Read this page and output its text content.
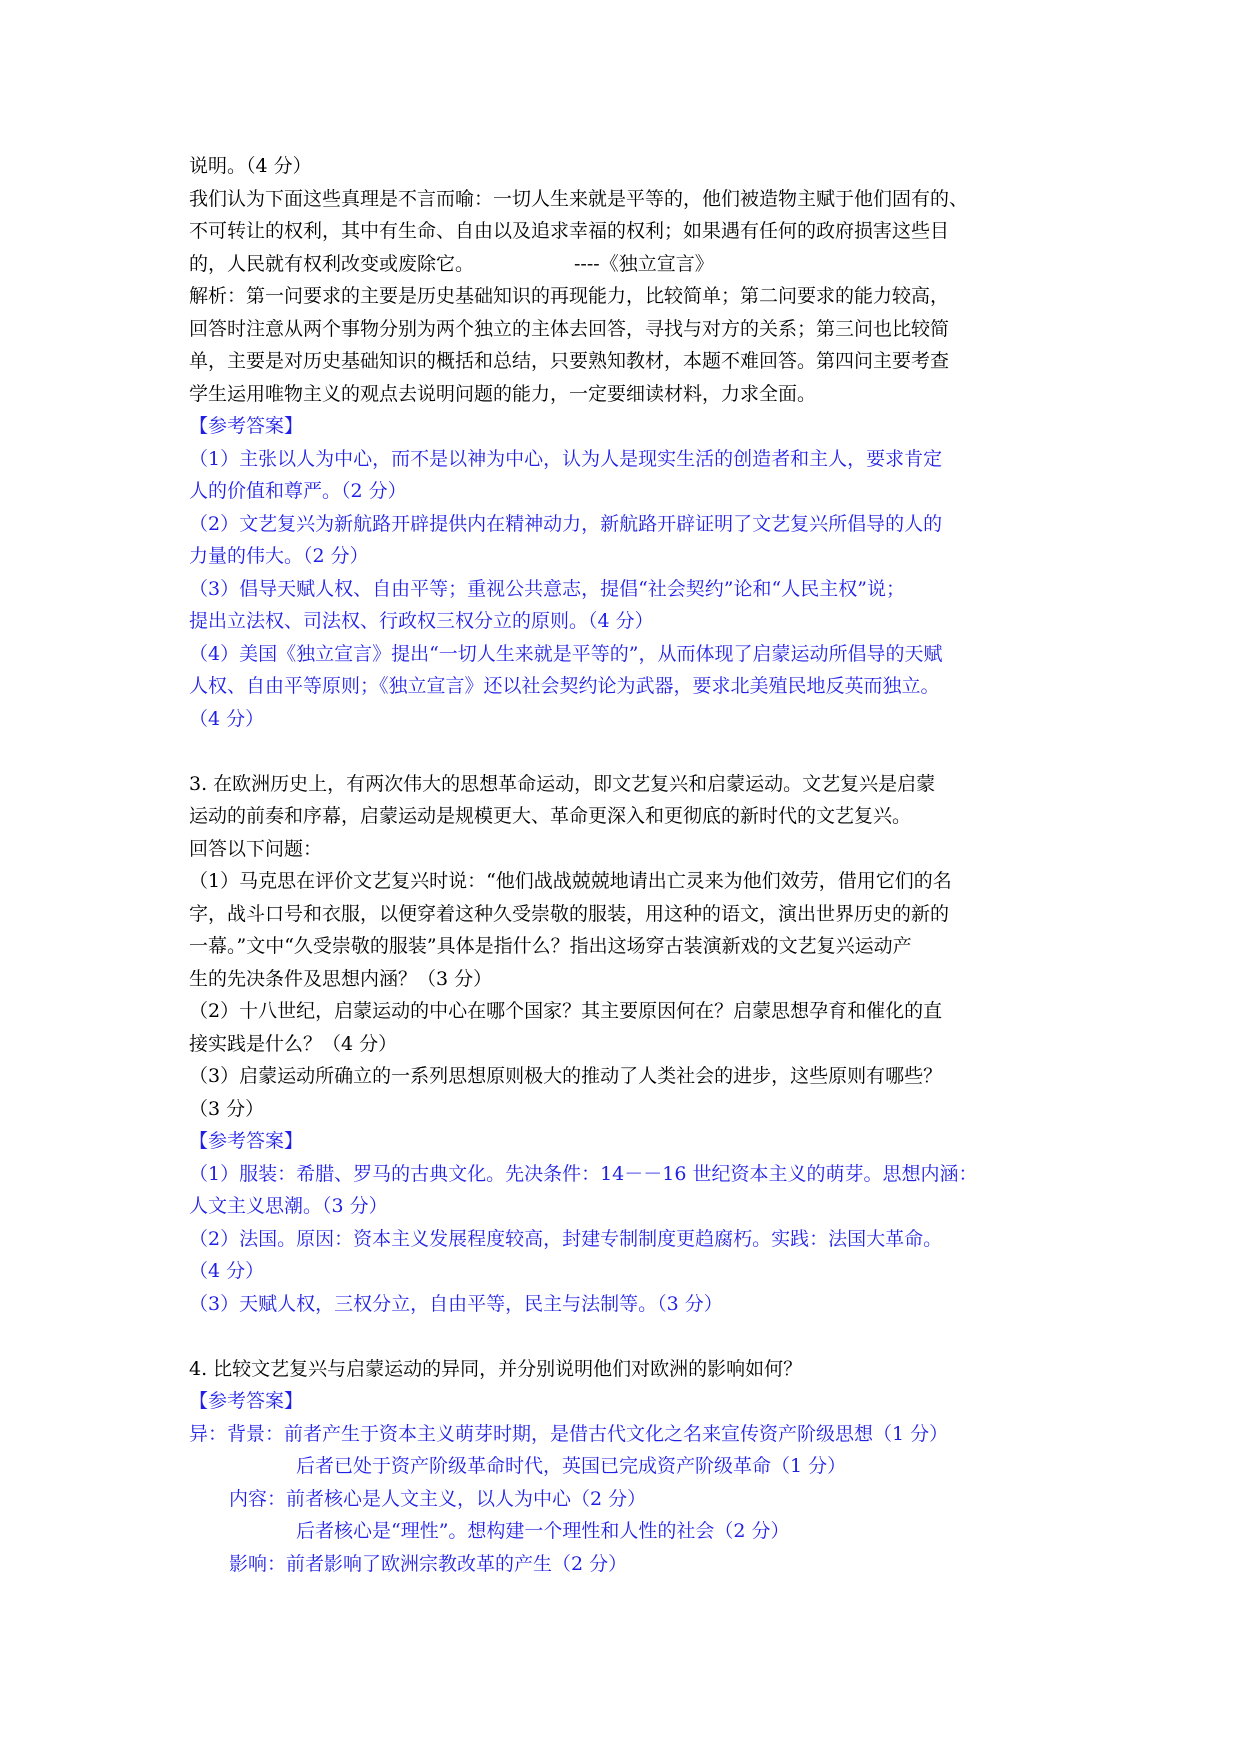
说明。（4 分）
我们认为下面这些真理是不言而喻：一切人生来就是平等的，他们被造物主赋于他们固有的、
不可转让的权利，其中有生命、自由以及追求幸福的权利；如果遇有任何的政府损害这些目
的，人民就有权利改变或废除它。	----《独立宣言》
解析：第一问要求的主要是历史基础知识的再现能力，比较简单；第二问要求的能力较高，
回答时注意从两个事物分别为两个独立的主体去回答，寻找与对方的关系；第三问也比较简
单，主要是对历史基础知识的概括和总结，只要熟知教材，本题不难回答。第四问主要考查
学生运用唯物主义的观点去说明问题的能力，一定要细读材料，力求全面。
【参考答案】
（1）主张以人为中心，而不是以神为中心，认为人是现实生活的创造者和主人，要求肯定
人的价值和尊严。（2 分）
（2）文艺复兴为新航路开辟提供内在精神动力，新航路开辟证明了文艺复兴所倡导的人的
力量的伟大。（2 分）
（3）倡导天赋人权、自由平等；重视公共意志，提倡“社会契约”论和“人民主权”说；
提出立法权、司法权、行政权三权分立的原则。（4 分）
（4）美国《独立宣言》提出“一切人生来就是平等的”，从而体现了启蒙运动所倡导的天赋
人权、自由平等原则；《独立宣言》还以社会契约论为武器，要求北美殖民地反英而独立。
（4 分）
3. 在欧洲历史上，有两次伟大的思想革命运动，即文艺复兴和启蒙运动。文艺复兴是启蒙
运动的前奏和序幕，启蒙运动是规模更大、革命更深入和更彻底的新时代的文艺复兴。
回答以下问题：
（1）马克思在评价文艺复兴时说：“他们战战兢兢地请出亡灵来为他们效劳，借用它们的名
字，战斗口号和衣服，以便穿着这种久受崇敬的服装，用这种的语文，演出世界历史的新的
一幕。”文中“久受崇敬的服装”具体是指什么？指出这场穿古装演新戏的文艺复兴运动产
生的先决条件及思想内涵？（3 分）
（2）十八世纪，启蒙运动的中心在哪个国家？其主要原因何在？启蒙思想孕育和催化的直
接实践是什么？（4 分）
（3）启蒙运动所确立的一系列思想原则极大的推动了人类社会的进步，这些原则有哪些？
（3 分）
【参考答案】
（1）服装：希腊、罗马的古典文化。先决条件：14－－16 世纪资本主义的萌芽。思想内涵：
人文主义思潮。（3 分）
（2）法国。原因：资本主义发展程度较高，封建专制制度更趋腐朽。实践：法国大革命。
（4 分）
（3）天赋人权，三权分立，自由平等，民主与法制等。（3 分）
4. 比较文艺复兴与启蒙运动的异同，并分别说明他们对欧洲的影响如何？
【参考答案】
异：背景：前者产生于资本主义萌芽时期，是借古代文化之名来宣传资产阶级思想（1 分）
后者已处于资产阶级革命时代，英国已完成资产阶级革命（1 分）
内容：前者核心是人文主义，以人为中心（2 分）
后者核心是“理性”。想构建一个理性和人性的社会（2 分）
影响：前者影响了欧洲宗教改革的产生（2 分）
